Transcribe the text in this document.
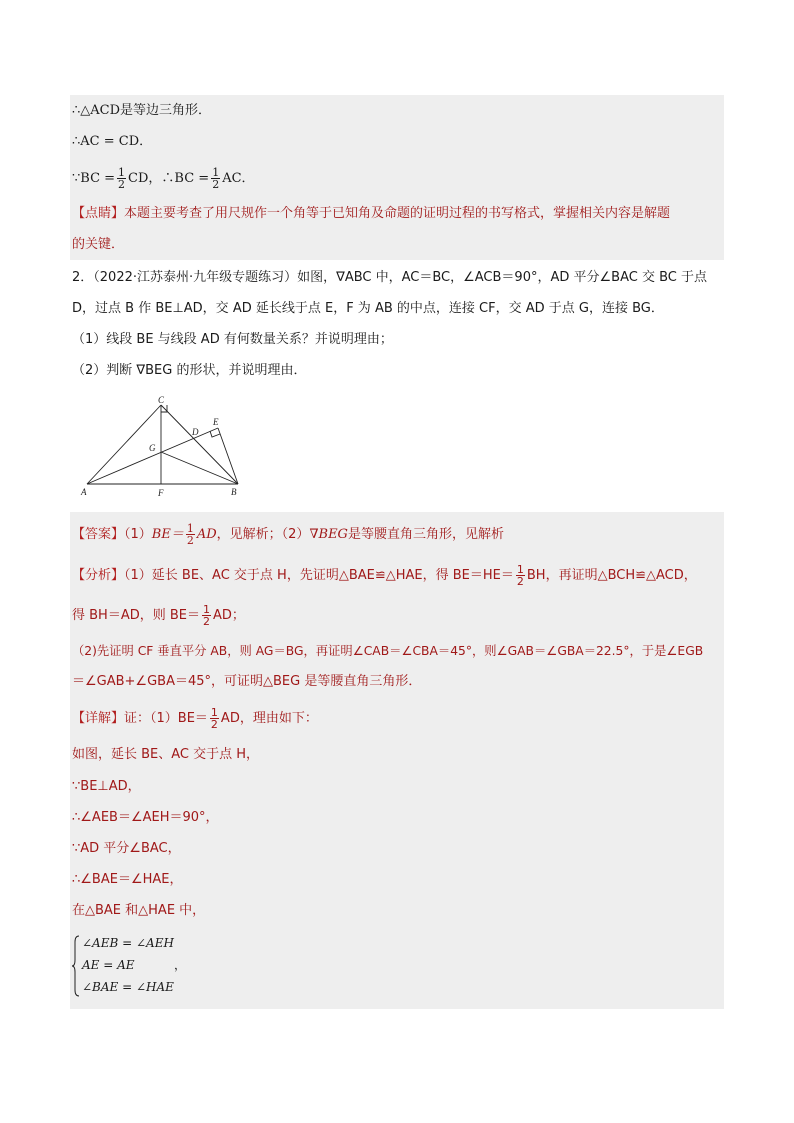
∴△ACD是等边三角形．
∴AC = CD．
∵BC = $\frac{1}{2}$ CD，∴BC = $\frac{1}{2}$ AC．
【点睛】本题主要考查了用尺规作一个角等于已知角及命题的证明过程的书写格式，掌握相关内容是解题
的关键．
2．（2022·江苏泰州·九年级专题练习）如图，∇ABC 中，AC＝BC，∠ACB＝90°，AD 平分∠BAC 交 BC 于点
D，过点 B 作 BE⊥AD，交 AD 延长线于点 E，F 为 AB 的中点，连接 CF，交 AD 于点 G，连接 BG．
（1）线段 BE 与线段 AD 有何数量关系？并说明理由；
（2）判断 ∇BEG 的形状，并说明理由．
C
E
D
G
A	F	B
【答案】$(1)BE= \frac{1}{2}$ AD，见解析；（2）∇BEG是等腰直角三角形，见解析
【分析】（1）延长 BE、AC 交于点 H，先证明△BAE≌△HAE，得 $BE=HE= \frac{1}{2}$ BH，再证明△BCH≌△ACD，
得 BH＝AD，则 $BE= \frac{1}{2}$ AD；
（2)先证明 CF 垂直平分 AB，则 AG＝BG，再证明∠CAB＝∠CBA＝45°，则∠GAB＝∠GBA＝22.5°，于是∠EGB
＝∠GAB+∠GBA＝45°，可证明△BEG 是等腰直角三角形．
【详解】证：$(1)BE= \frac{1}{2}$ AD，理由如下：
如图，延长 BE、AC 交于点 H，
∵BE⊥AD，
∴∠AEB＝∠AEH＝90°，
∵AD 平分∠BAC，
∴∠BAE＝∠HAE，
在△BAE 和△HAE 中，
∠AEB = ∠AEH
AE = AE
∠BAE = ∠HAE
，
